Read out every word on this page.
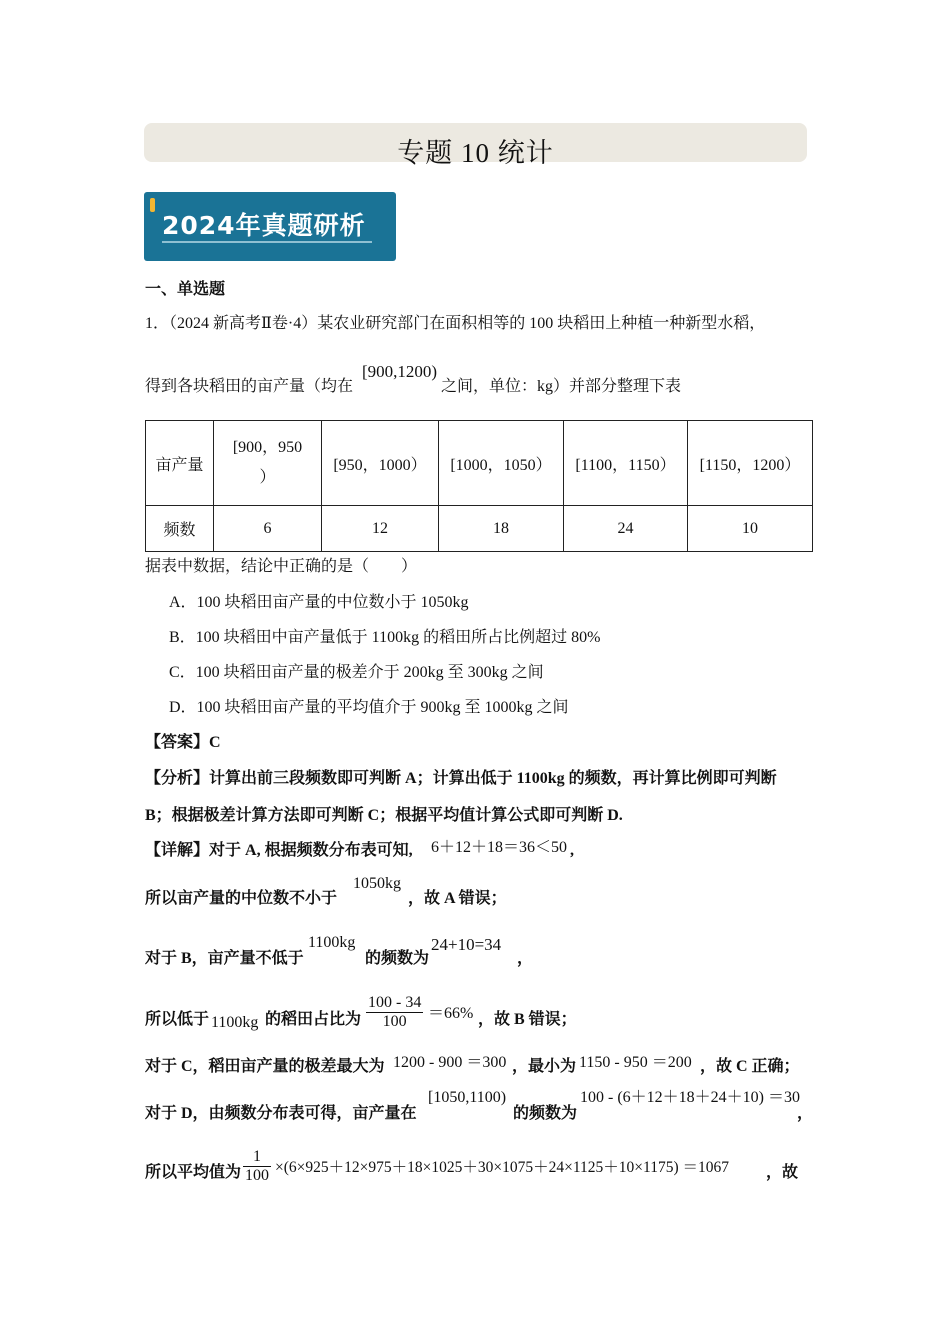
专题 10 统计
2024年真题研析
一、单选题
1．（2024 新高考Ⅱ卷·4）某农业研究部门在面积相等的 100 块稻田上种植一种新型水稻，
得到各块稻田的亩产量（均在
[900,1200)
之间，单位：kg）并部分整理下表
亩产量	[900，950
）	[950，1000）	[1000，1050）	[1100，1150）	[1150，1200）
频数	6	12	18	24	10
据表中数据，结论中正确的是（　　）
A．100 块稻田亩产量的中位数小于 1050kg
B．100 块稻田中亩产量低于 1100kg 的稻田所占比例超过 80%
C．100 块稻田亩产量的极差介于 200kg 至 300kg 之间
D．100 块稻田亩产量的平均值介于 900kg 至 1000kg 之间
【答案】C
【分析】计算出前三段频数即可判断 A；计算出低于 1100kg 的频数，再计算比例即可判断
B；根据极差计算方法即可判断 C；根据平均值计算公式即可判断 D.
【详解】对于 A, 根据频数分布表可知, 6＋12＋18＝36＜50 ,
所以亩产量的中位数不小于
1050kg
，故 A 错误；
对于 B，亩产量不低于
1100kg
的频数为
24+10=34
，
所以低于 1100kg 的稻田占比为 $\frac{100 - 34}{100} =66\%$ ，故 B 错误；
对于 C，稻田亩产量的极差最大为 1200 - 900 ＝300 ，最小为 1150 - 950 ＝200 ，故 C 正确；
对于 D，由频数分布表可得，亩产量在
[1050,1100)
的频数为
100 - (6＋12＋18＋24＋10) ＝30
，
所以平均值为 $\frac{1}{100} \times(6\times 925+12\times 975+18\times 1025+30\times 1075+24\times 1125+10\times 1175) =1067$ ，故
